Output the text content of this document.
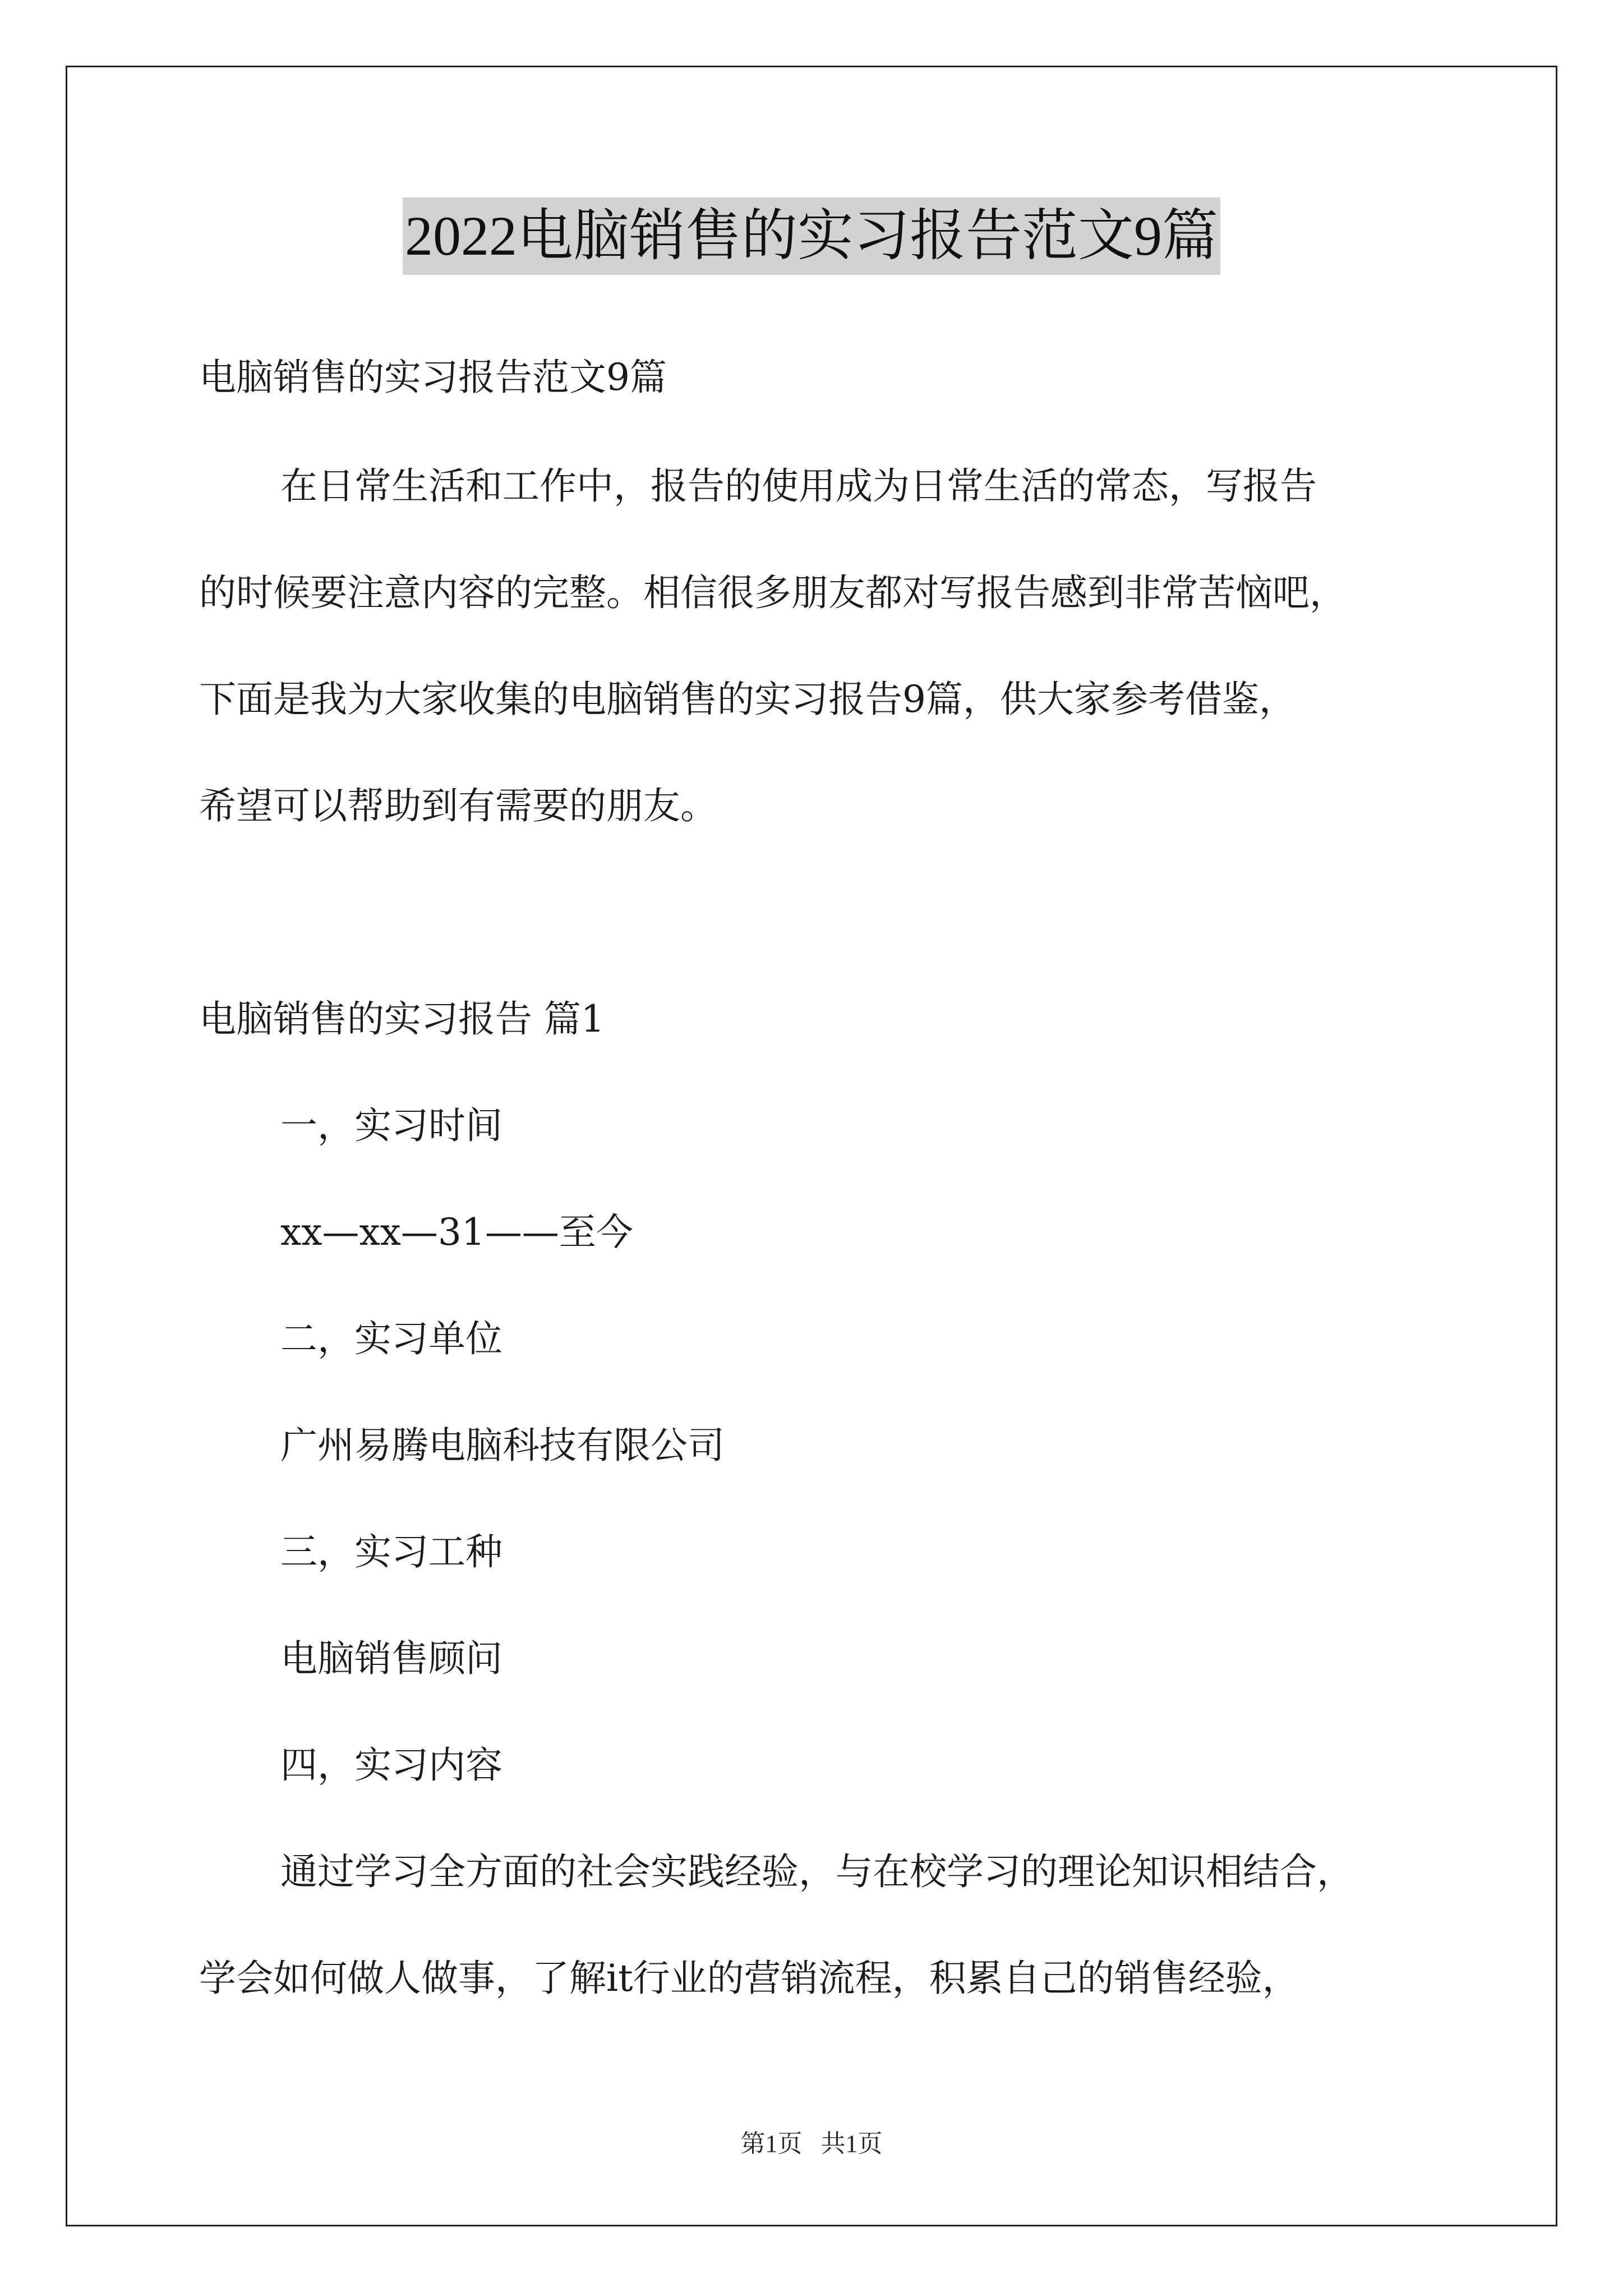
2022电脑销售的实习报告范文9篇
电脑销售的实习报告范文9篇
在日常生活和工作中，报告的使用成为日常生活的常态，写报告
的时候要注意内容的完整。相信很多朋友都对写报告感到非常苦恼吧，
下面是我为大家收集的电脑销售的实习报告9篇，供大家参考借鉴，
希望可以帮助到有需要的朋友。
电脑销售的实习报告 篇1
一，实习时间
xx—xx—31——至今
二，实习单位
广州易腾电脑科技有限公司
三，实习工种
电脑销售顾问
四，实习内容
通过学习全方面的社会实践经验，与在校学习的理论知识相结合，
学会如何做人做事，了解it行业的营销流程，积累自己的销售经验，
第1页   共1页
